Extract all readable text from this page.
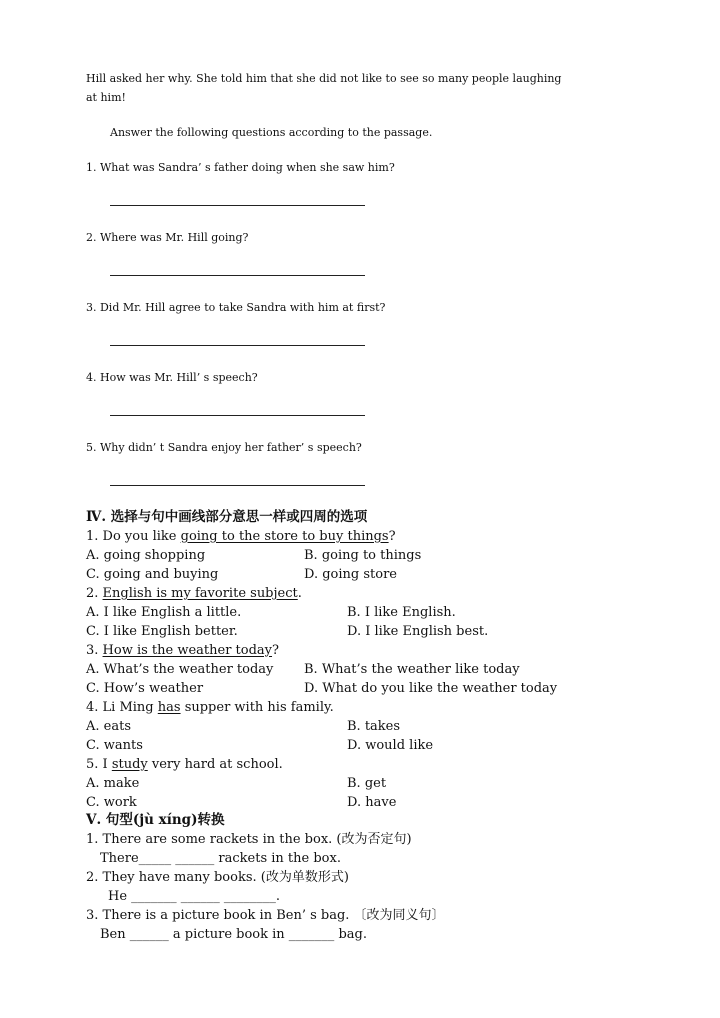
Hill asked her why. She told him that she did not like to see so many people laughing
at him!
Answer the following questions according to the passage.
1. What was Sandra’ s father doing when she saw him?
2. Where was Mr. Hill going?
3. Did Mr. Hill agree to take Sandra with him at first?
4. How was Mr. Hill’ s speech?
5. Why didn’ t Sandra enjoy her father’ s speech?
Ⅳ. 选择与句中画线部分意思一样或四周的选项
1. Do you like going to the store to buy things?
A. going shopping	B. going to things
C. going and buying	D. going store
2. English is my favorite subject.
A. I like English a little.	B. I like English.
C. I like English better.	D. I like English best.
3. How is the weather today?
A. What’s the weather today B. What’s the weather like today
C. How’s weather	D. What do you like the weather today
4. Li Ming has supper with his family.
A. eats	B. takes
C. wants	D. would like
5. I study very hard at school.
A. make	B. get
C. work	D. have
Ⅴ. 句型(jù xíng)转换
1. There are some rackets in the box. (改为否定句)
There_____ ______ rackets in the box.
2. They have many books. (改为单数形式)
He _______ ______ ________.
3. There is a picture book in Ben’ s bag. 〔改为同义句〕
Ben ______ a picture book in _______ bag.
